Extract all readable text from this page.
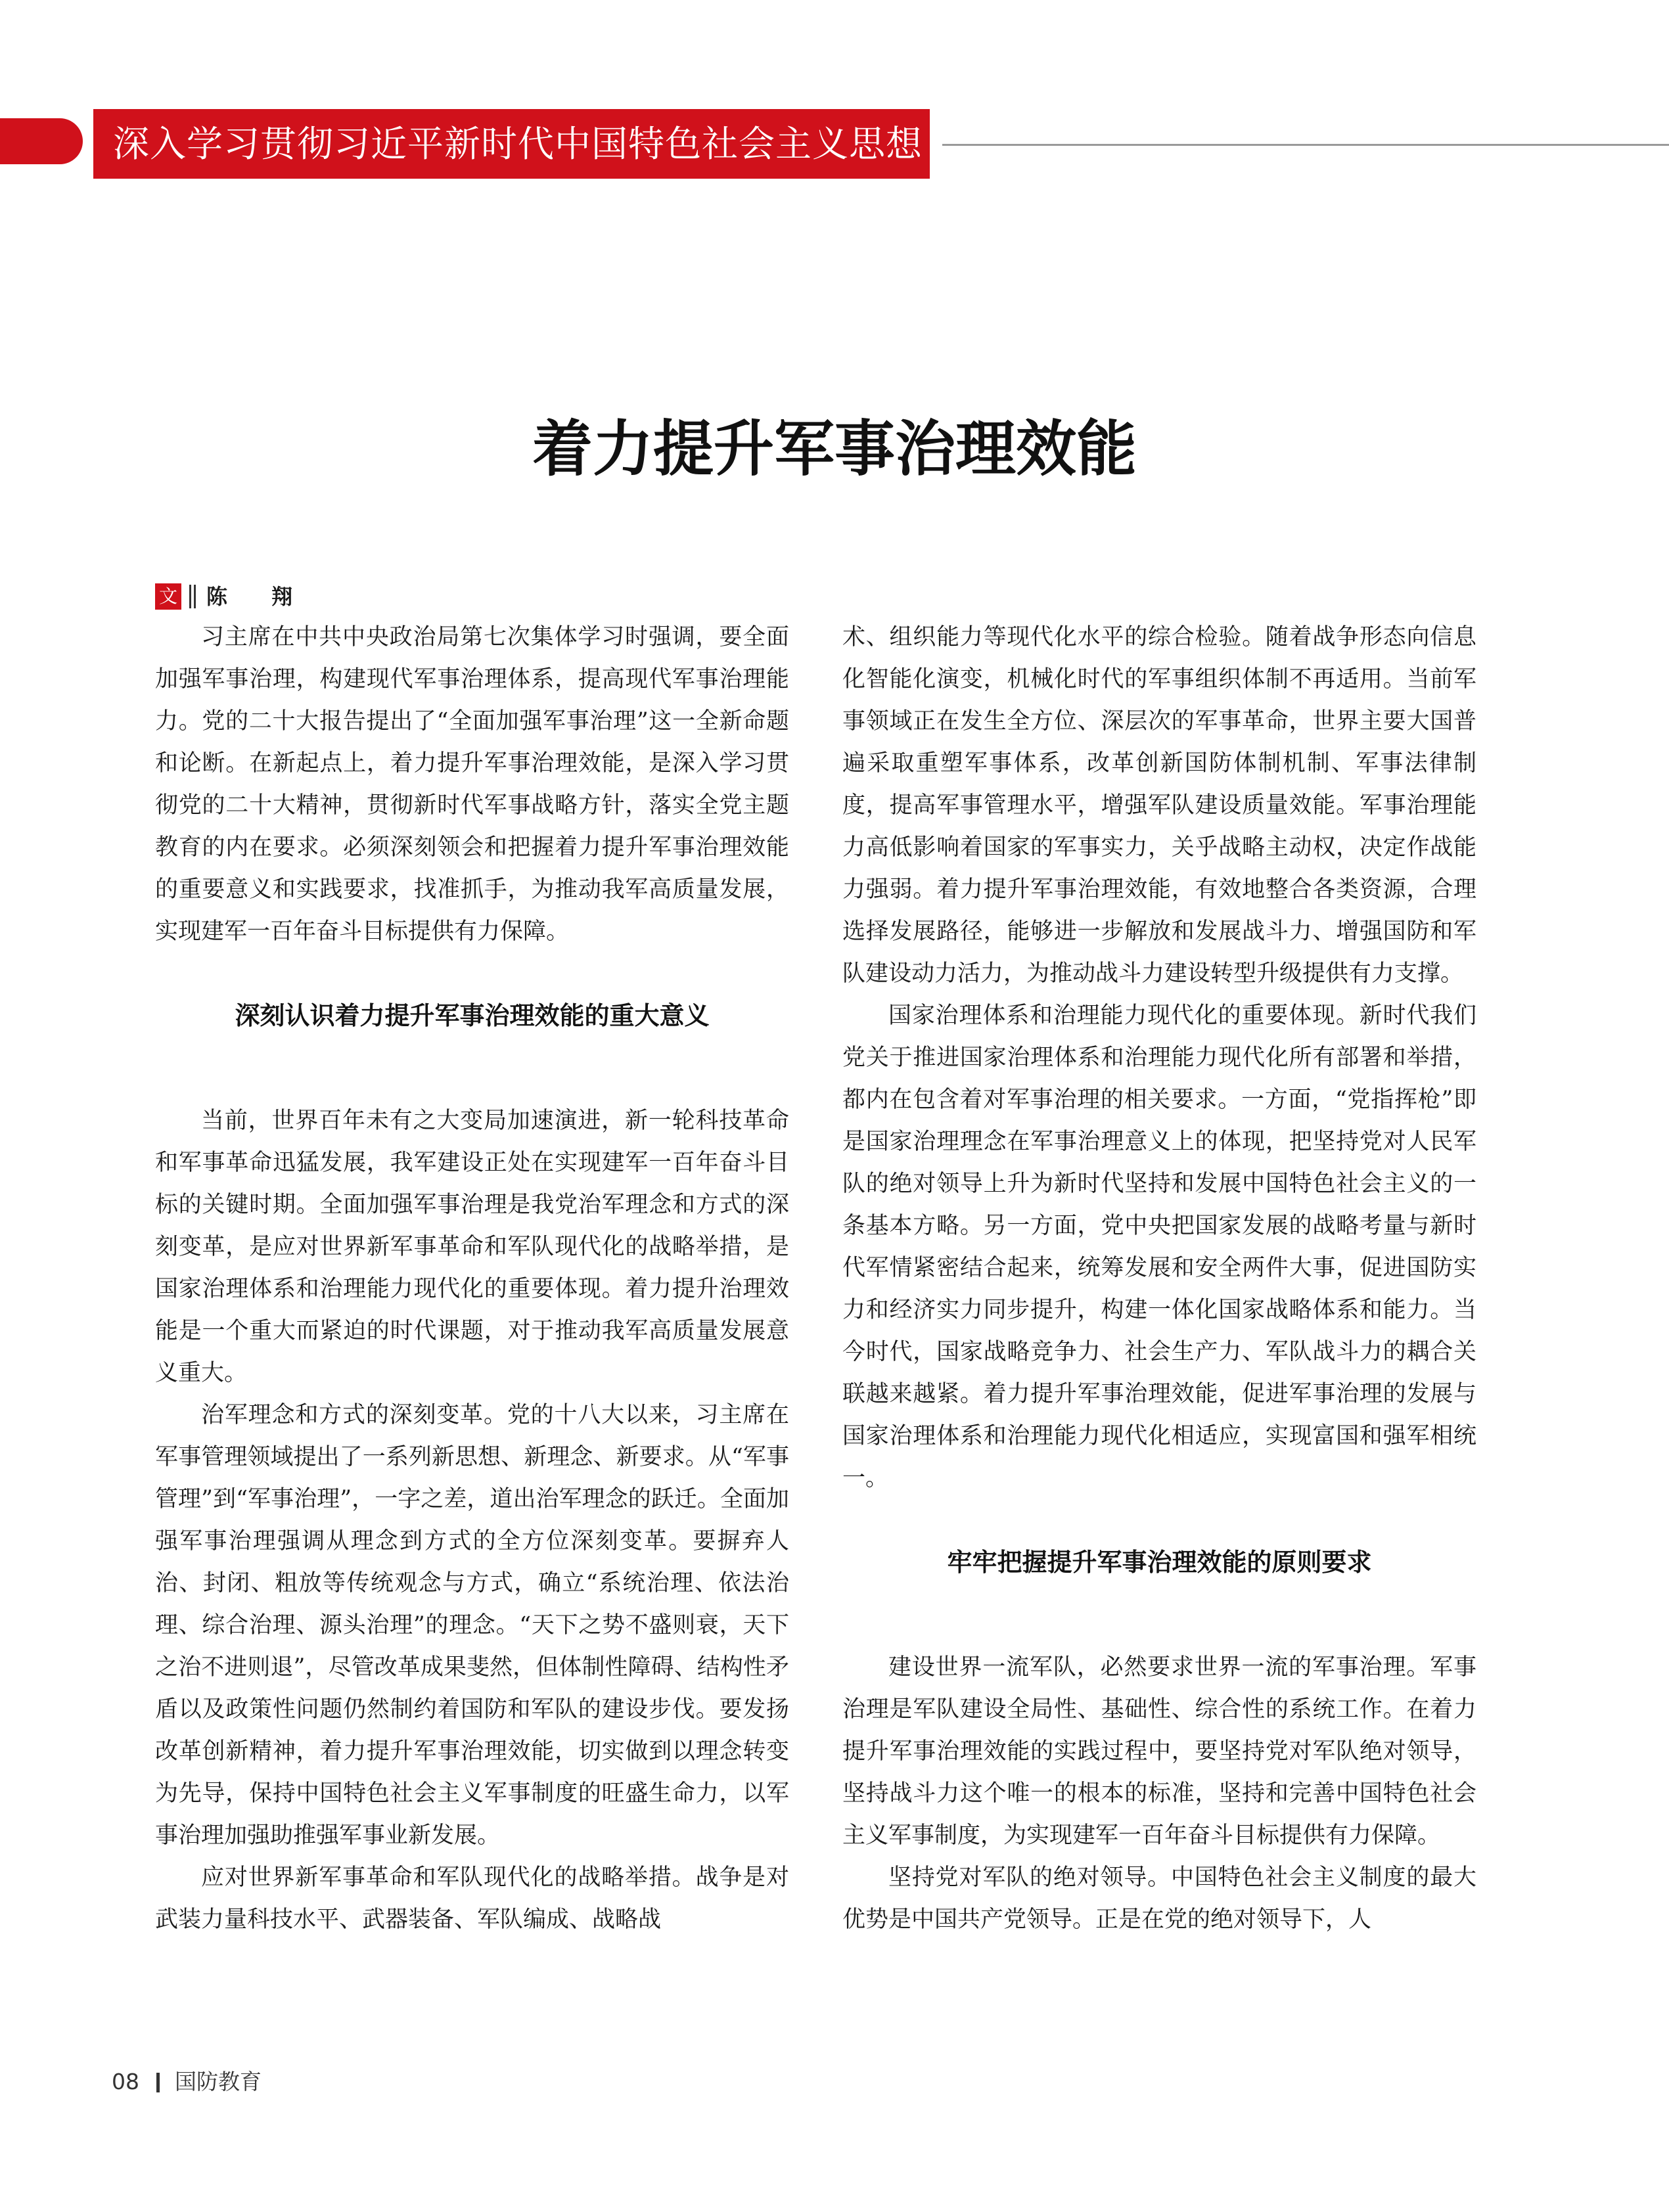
深入学习贯彻习近平新时代中国特色社会主义思想
着力提升军事治理效能
文 陈 翔

习主席在中共中央政治局第七次集体学习时强调，要全面加强军事治理，构建现代军事治理体系，提高现代军事治理能力。党的二十大报告提出了“全面加强军事治理”这一全新命题和论断。在新起点上，着力提升军事治理效能，是深入学习贯彻党的二十大精神，贯彻新时代军事战略方针，落实全党主题教育的内在要求。必须深刻领会和把握着力提升军事治理效能的重要意义和实践要求，找准抓手，为推动我军高质量发展，实现建军一百年奋斗目标提供有力保障。

深刻认识着力提升军事治理效能的重大意义

当前，世界百年未有之大变局加速演进，新一轮科技革命和军事革命迅猛发展，我军建设正处在实现建军一百年奋斗目标的关键时期。全面加强军事治理是我党治军理念和方式的深刻变革，是应对世界新军事革命和军队现代化的战略举措，是国家治理体系和治理能力现代化的重要体现。着力提升治理效能是一个重大而紧迫的时代课题，对于推动我军高质量发展意义重大。

治军理念和方式的深刻变革。党的十八大以来，习主席在军事管理领域提出了一系列新思想、新理念、新要求。从“军事管理”到“军事治理”，一字之差，道出治军理念的跃迁。全面加强军事治理强调从理念到方式的全方位深刻变革。要摒弃人治、封闭、粗放等传统观念与方式，确立“系统治理、依法治理、综合治理、源头治理”的理念。“天下之势不盛则衰，天下之治不进则退”，尽管改革成果斐然，但体制性障碍、结构性矛盾以及政策性问题仍然制约着国防和军队的建设步伐。要发扬改革创新精神，着力提升军事治理效能，切实做到以理念转变为先导，保持中国特色社会主义军事制度的旺盛生命力，以军事治理加强助推强军事业新发展。

应对世界新军事革命和军队现代化的战略举措。战争是对武装力量科技水平、武器装备、军队编成、战略战

术、组织能力等现代化水平的综合检验。随着战争形态向信息化智能化演变，机械化时代的军事组织体制不再适用。当前军事领域正在发生全方位、深层次的军事革命，世界主要大国普遍采取重塑军事体系，改革创新国防体制机制、军事法律制度，提高军事管理水平，增强军队建设质量效能。军事治理能力高低影响着国家的军事实力，关乎战略主动权，决定作战能力强弱。着力提升军事治理效能，有效地整合各类资源，合理选择发展路径，能够进一步解放和发展战斗力、增强国防和军队建设动力活力，为推动战斗力建设转型升级提供有力支撑。

国家治理体系和治理能力现代化的重要体现。新时代我们党关于推进国家治理体系和治理能力现代化所有部署和举措，都内在包含着对军事治理的相关要求。一方面，“党指挥枪”即是国家治理理念在军事治理意义上的体现，把坚持党对人民军队的绝对领导上升为新时代坚持和发展中国特色社会主义的一条基本方略。另一方面，党中央把国家发展的战略考量与新时代军情紧密结合起来，统筹发展和安全两件大事，促进国防实力和经济实力同步提升，构建一体化国家战略体系和能力。当今时代，国家战略竞争力、社会生产力、军队战斗力的耦合关联越来越紧。着力提升军事治理效能，促进军事治理的发展与国家治理体系和治理能力现代化相适应，实现富国和强军相统一。

牢牢把握提升军事治理效能的原则要求

建设世界一流军队，必然要求世界一流的军事治理。军事治理是军队建设全局性、基础性、综合性的系统工作。在着力提升军事治理效能的实践过程中，要坚持党对军队绝对领导，坚持战斗力这个唯一的根本的标准，坚持和完善中国特色社会主义军事制度，为实现建军一百年奋斗目标提供有力保障。

坚持党对军队的绝对领导。中国特色社会主义制度的最大优势是中国共产党领导。正是在党的绝对领导下，人

08 国防教育
